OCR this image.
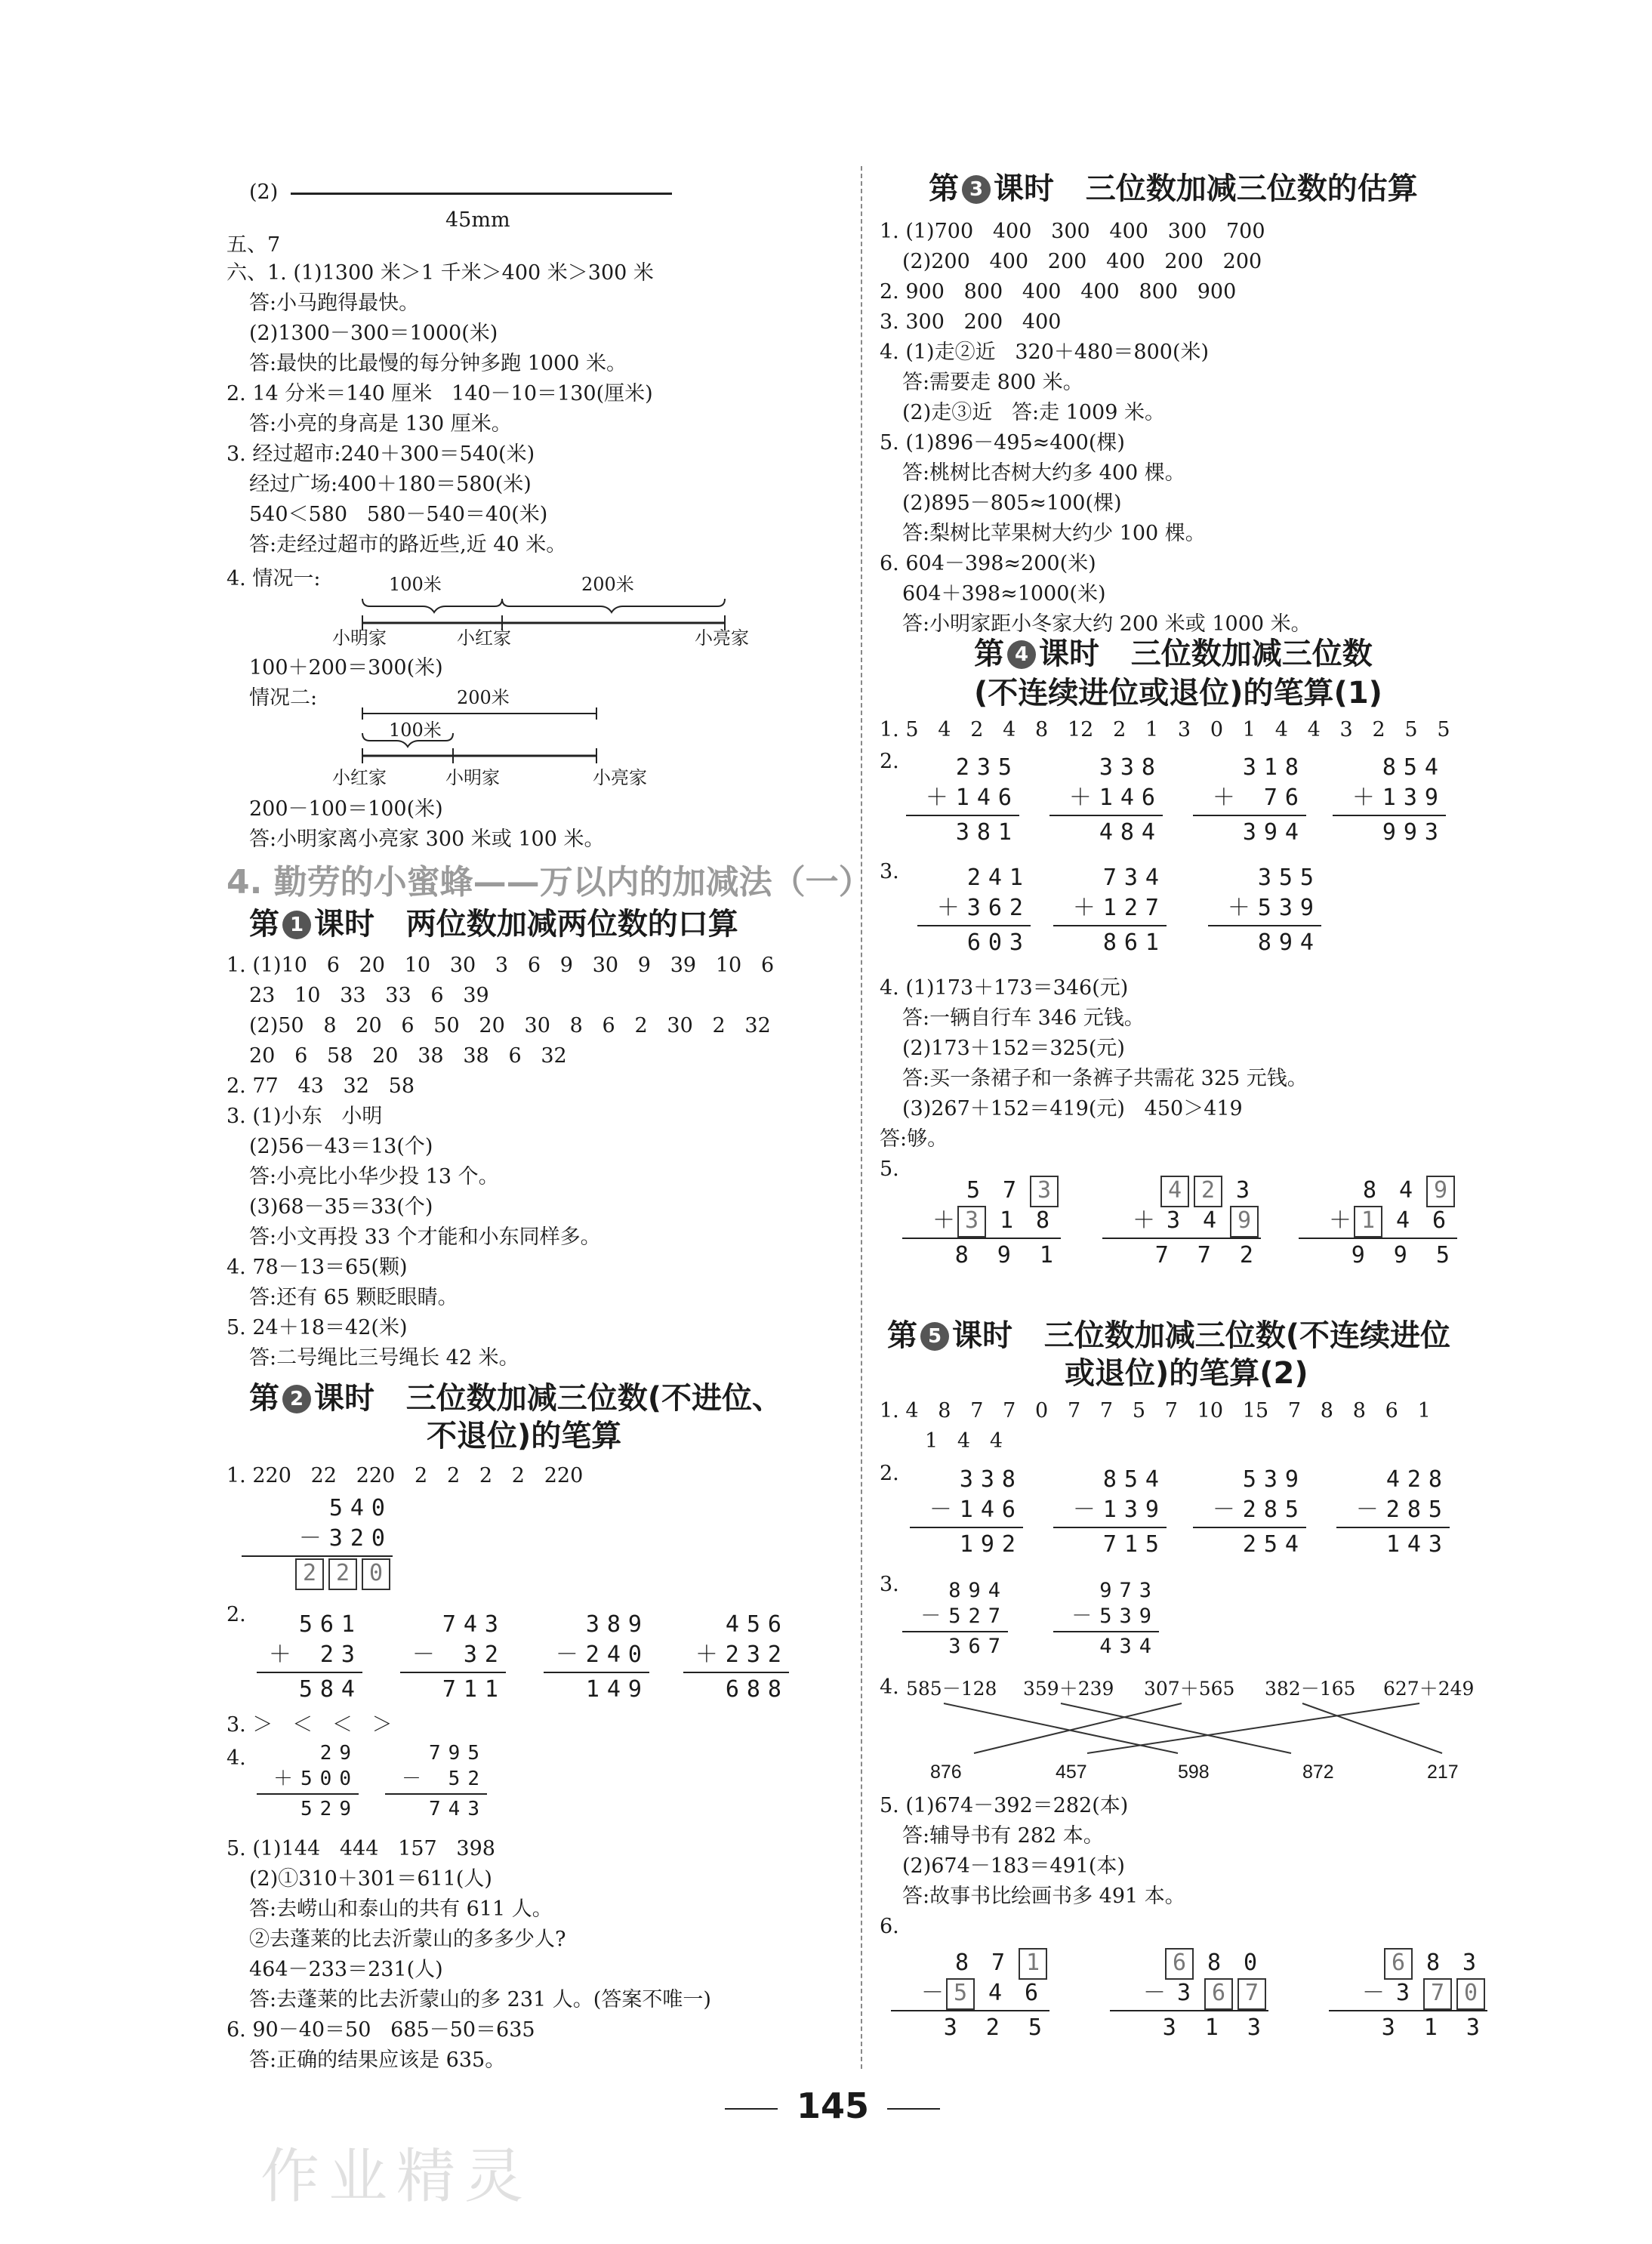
(2)
45mm
五、7
六、1. (1)1300 米＞1 千米＞400 米＞300 米
答:小马跑得最快。
(2)1300－300＝1000(米)
答:最快的比最慢的每分钟多跑 1000 米。
2. 14 分米＝140 厘米   140－10＝130(厘米)
答:小亮的身高是 130 厘米。
3. 经过超市:240＋300＝540(米)
经过广场:400＋180＝580(米)
540＜580   580－540＝40(米)
答:走经过超市的路近些,近 40 米。
4. 情况一:	100米	200米
小明家	小红家	小亮家
100＋200＝300(米)
情况二:	200米
100米
小红家	小明家	小亮家
200－100＝100(米)
答:小明家离小亮家 300 米或 100 米。
4. 勤劳的小蜜蜂——万以内的加减法（一）
第 1 课时   两位数加减两位数的口算
1. (1)10   6   20   10   30   3   6   9   30   9   39   10   6
23   10   33   33   6   39
(2)50   8   20   6   50   20   30   8   6   2   30   2   32
20   6   58   20   38   38   6   32
2. 77   43   32   58
3. (1)小东   小明
(2)56－43＝13(个)
答:小亮比小华少投 13 个。
(3)68－35＝33(个)
答:小文再投 33 个才能和小东同样多。
4. 78－13＝65(颗)
答:还有 65 颗眨眼睛。
5. 24＋18＝42(米)
答:二号绳比三号绳长 42 米。
第 2 课时   三位数加减三位数(不进位、
不退位)的笔算
1. 220   22   220   2   2   2   2   220
540
－320
2 2 0
2.	561
＋ 23
584
743
－ 32
711
389
－240
149
456
＋232
688
3. ＞   ＜   ＜   ＞
4.	29
＋500
529
795
－ 52
743
5. (1)144   444   157   398
(2)①310＋301＝611(人)
答:去崂山和泰山的共有 611 人。
②去蓬莱的比去沂蒙山的多多少人?
464－233＝231(人)
答:去蓬莱的比去沂蒙山的多 231 人。(答案不唯一)
6. 90－40＝50   685－50＝635
答:正确的结果应该是 635。
第 3 课时   三位数加减三位数的估算
1. (1)700   400   300   400   300   700
(2)200   400   200   400   200   200
2. 900   800   400   400   800   900
3. 300   200   400
4. (1)走②近   320＋480＝800(米)
答:需要走 800 米。
(2)走③近   答:走 1009 米。
5. (1)896－495≈400(棵)
答:桃树比杏树大约多 400 棵。
(2)895－805≈100(棵)
答:梨树比苹果树大约少 100 棵。
6. 604－398≈200(米)
604＋398≈1000(米)
答:小明家距小冬家大约 200 米或 1000 米。
第 4 课时   三位数加减三位数
(不连续进位或退位)的笔算(1)
1. 5   4   2   4   8   12   2   1   3   0   1   4   4   3   2   5   5
2.	235
＋146
381
338
＋146
484
318
＋ 76
394
854
＋139
993
3.	241
＋362
603
734
＋127
861
355
＋539
894
4. (1)173＋173＝346(元)
答:一辆自行车 346 元钱。
(2)173＋152＝325(元)
答:买一条裙子和一条裤子共需花 325 元钱。
(3)267＋152＝419(元)   450＞419
答:够。
5.
5 7 3
＋ 3 1 8
8 9 1
4 2 3
＋ 3 4 9
7 7 2
8 4 9
＋ 1 4 6
9 9 5
第 5 课时   三位数加减三位数(不连续进位
或退位)的笔算(2)
1. 4   8   7   7   0   7   7   5   7   10   15   7   8   8   6   1
1   4   4
2.	338
－146
192
854
－139
715
539
－285
254
428
－285
143
3.	894
－527
367
973
－539
434
4. 585－128 359＋239 307＋565 382－165 627＋249
876	457	598	872	217
5. (1)674－392＝282(本)
答:辅导书有 282 本。
(2)674－183＝491(本)
答:故事书比绘画书多 491 本。
6.
8 7 1
－ 5 4 6
3 2 5
6 8 0
－ 3 6 7
3 1 3
6 8 3
－ 3 7 0
3 1 3
145
作业精灵
